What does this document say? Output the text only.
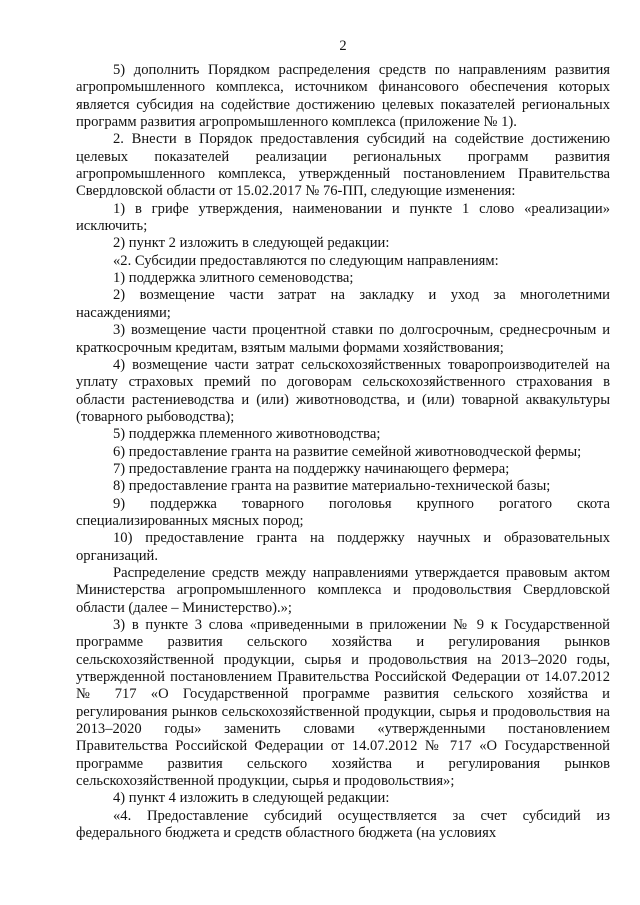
2

5) дополнить Порядком распределения средств по направлениям развития агропромышленного комплекса, источником финансового обеспечения которых является субсидия на содействие достижению целевых показателей региональных программ развития агропромышленного комплекса (приложение № 1).

2. Внести в Порядок предоставления субсидий на содействие достижению целевых показателей реализации региональных программ развития агропромышленного комплекса, утвержденный постановлением Правительства Свердловской области от 15.02.2017 № 76-ПП, следующие изменения:

1) в грифе утверждения, наименовании и пункте 1 слово «реализации» исключить;

2) пункт 2 изложить в следующей редакции:

«2. Субсидии предоставляются по следующим направлениям:

1) поддержка элитного семеноводства;

2) возмещение части затрат на закладку и уход за многолетними насаждениями;

3) возмещение части процентной ставки по долгосрочным, среднесрочным и краткосрочным кредитам, взятым малыми формами хозяйствования;

4) возмещение части затрат сельскохозяйственных товаропроизводителей на уплату страховых премий по договорам сельскохозяйственного страхования в области растениеводства и (или) животноводства, и (или) товарной аквакультуры (товарного рыбоводства);

5) поддержка племенного животноводства;

6) предоставление гранта на развитие семейной животноводческой фермы;

7) предоставление гранта на поддержку начинающего фермера;

8) предоставление гранта на развитие материально-технической базы;

9) поддержка товарного поголовья крупного рогатого скота специализированных мясных пород;

10) предоставление гранта на поддержку научных и образовательных организаций.

Распределение средств между направлениями утверждается правовым актом Министерства агропромышленного комплекса и продовольствия Свердловской области (далее – Министерство).»;

3) в пункте 3 слова «приведенными в приложении № 9 к Государственной программе развития сельского хозяйства и регулирования рынков сельскохозяйственной продукции, сырья и продовольствия на 2013–2020 годы, утвержденной постановлением Правительства Российской Федерации от 14.07.2012 № 717 «О Государственной программе развития сельского хозяйства и регулирования рынков сельскохозяйственной продукции, сырья и продовольствия на 2013–2020 годы» заменить словами «утвержденными постановлением Правительства Российской Федерации от 14.07.2012 № 717 «О Государственной программе развития сельского хозяйства и регулирования рынков сельскохозяйственной продукции, сырья и продовольствия»;

4) пункт 4 изложить в следующей редакции:

«4. Предоставление субсидий осуществляется за счет субсидий из федерального бюджета и средств областного бюджета (на условиях
